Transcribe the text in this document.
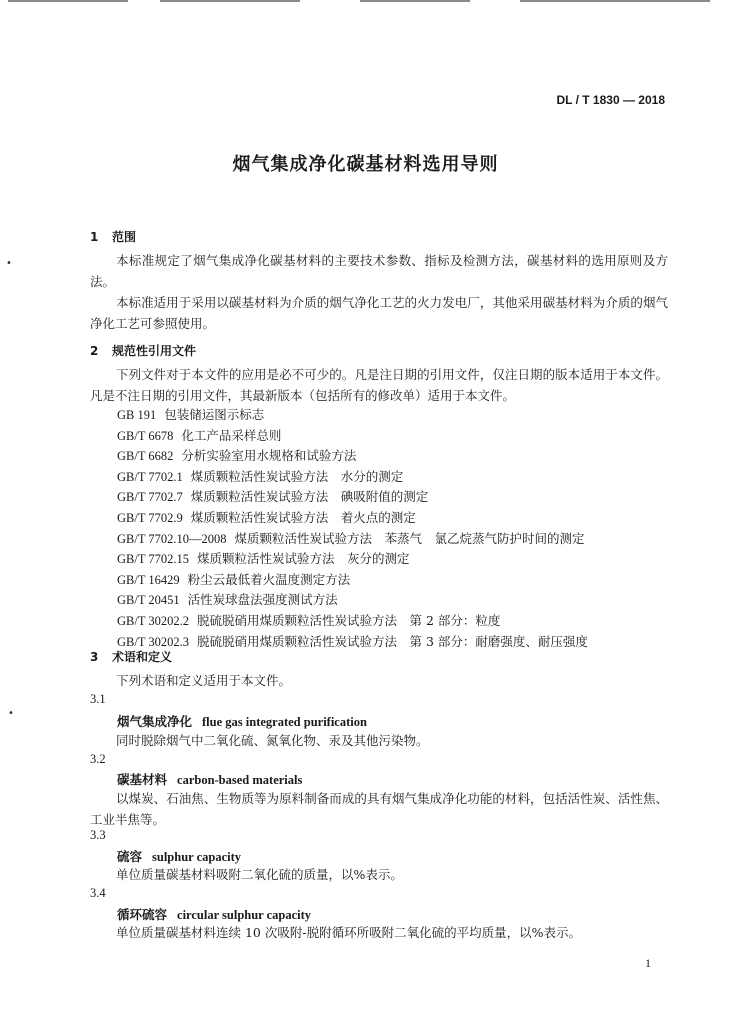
•
•
DL / T 1830 — 2018
烟气集成净化碳基材料选用导则
1 范围
本标准规定了烟气集成净化碳基材料的主要技术参数、指标及检测方法，碳基材料的选用原则及方法。
本标准适用于采用以碳基材料为介质的烟气净化工艺的火力发电厂，其他采用碳基材料为介质的烟气净化工艺可参照使用。
2 规范性引用文件
下列文件对于本文件的应用是必不可少的。凡是注日期的引用文件，仅注日期的版本适用于本文件。凡是不注日期的引用文件，其最新版本（包括所有的修改单）适用于本文件。
GB 191 包装储运图示标志
GB/T 6678 化工产品采样总则
GB/T 6682 分析实验室用水规格和试验方法
GB/T 7702.1 煤质颗粒活性炭试验方法　水分的测定
GB/T 7702.7 煤质颗粒活性炭试验方法　碘吸附值的测定
GB/T 7702.9 煤质颗粒活性炭试验方法　着火点的测定
GB/T 7702.10—2008 煤质颗粒活性炭试验方法　苯蒸气　氯乙烷蒸气防护时间的测定
GB/T 7702.15 煤质颗粒活性炭试验方法　灰分的测定
GB/T 16429 粉尘云最低着火温度测定方法
GB/T 20451 活性炭球盘法强度测试方法
GB/T 30202.2 脱硫脱硝用煤质颗粒活性炭试验方法　第 2 部分：粒度
GB/T 30202.3 脱硫脱硝用煤质颗粒活性炭试验方法　第 3 部分：耐磨强度、耐压强度
3 术语和定义
下列术语和定义适用于本文件。
3.1
烟气集成净化 flue gas integrated purification
同时脱除烟气中二氧化硫、氮氧化物、汞及其他污染物。
3.2
碳基材料 carbon-based materials
以煤炭、石油焦、生物质等为原料制备而成的具有烟气集成净化功能的材料，包括活性炭、活性焦、工业半焦等。
3.3
硫容 sulphur capacity
单位质量碳基材料吸附二氧化硫的质量，以%表示。
3.4
循环硫容 circular sulphur capacity
单位质量碳基材料连续 10 次吸附-脱附循环所吸附二氧化硫的平均质量，以%表示。
1
